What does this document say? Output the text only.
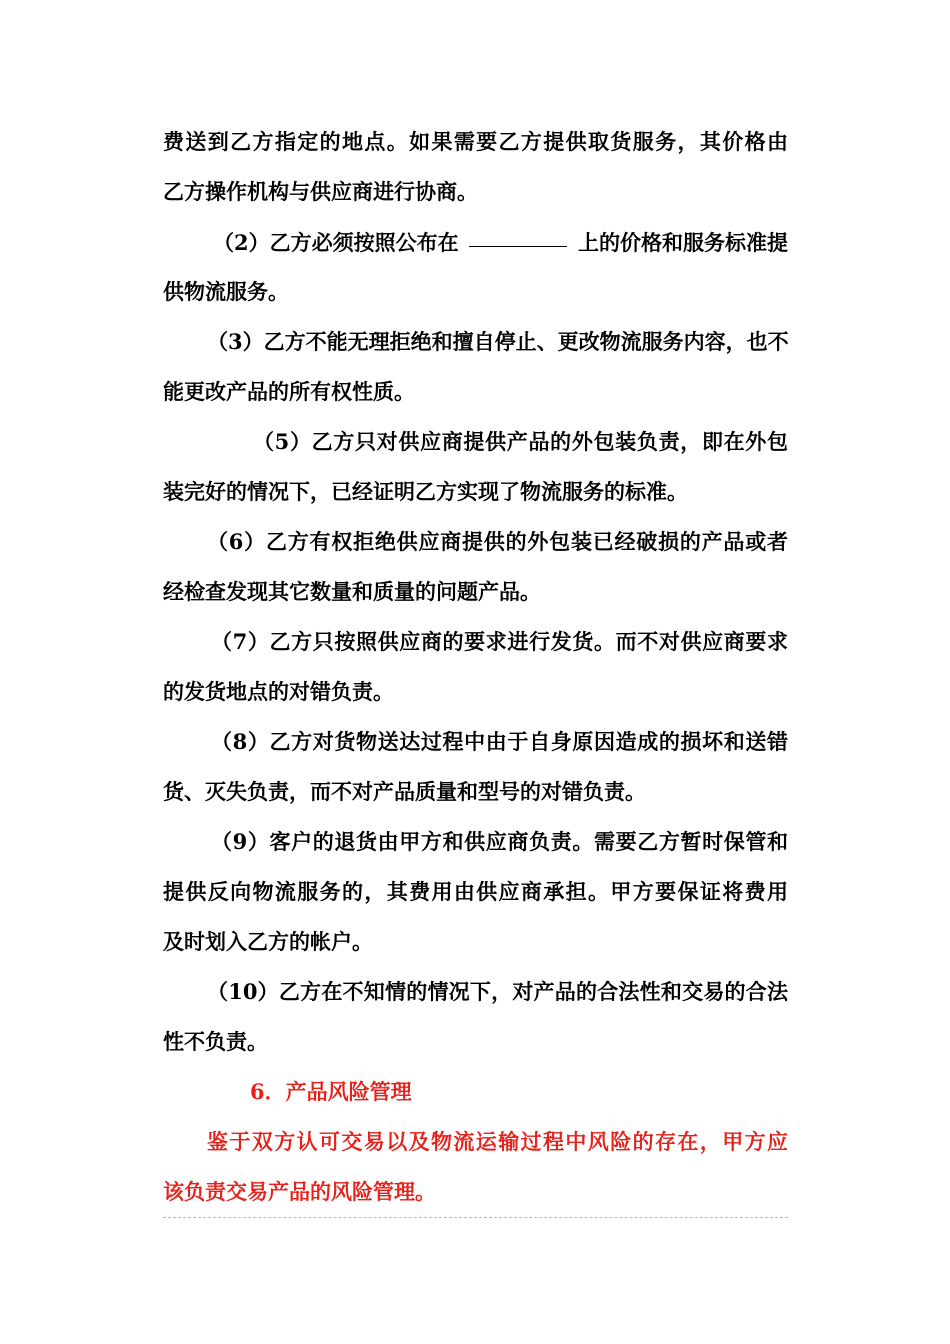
费送到乙方指定的地点。如果需要乙方提供取货服务，其价格由
乙方操作机构与供应商进行协商。
（2）乙方必须按照公布在	上的价格和服务标准提
供物流服务。
（3）乙方不能无理拒绝和擅自停止、更改物流服务内容，也不
能更改产品的所有权性质。
（5）乙方只对供应商提供产品的外包装负责，即在外包
装完好的情况下，已经证明乙方实现了物流服务的标准。
（6）乙方有权拒绝供应商提供的外包装已经破损的产品或者
经检查发现其它数量和质量的问题产品。
（7）乙方只按照供应商的要求进行发货。而不对供应商要求
的发货地点的对错负责。
（8）乙方对货物送达过程中由于自身原因造成的损坏和送错
货、灭失负责，而不对产品质量和型号的对错负责。
（9）客户的退货由甲方和供应商负责。需要乙方暂时保管和
提供反向物流服务的，其费用由供应商承担。甲方要保证将费用
及时划入乙方的帐户。
（10）乙方在不知情的情况下，对产品的合法性和交易的合法
性不负责。
6．产品风险管理
鉴于双方认可交易以及物流运输过程中风险的存在，甲方应
该负责交易产品的风险管理。
